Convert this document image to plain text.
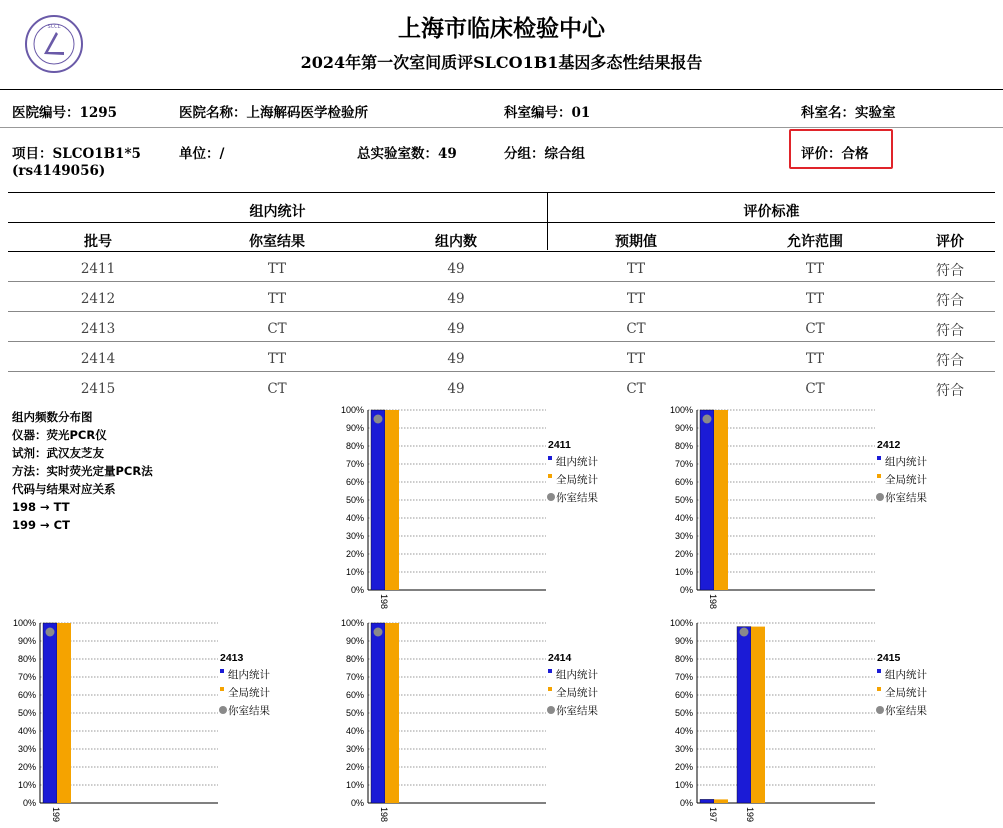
SCCL	上海市临床检验中心
2024年第一次室间质评SLCO1B1基因多态性结果报告
医院编号：1295	医院名称：上海解码医学检验所	科室编号：01	科室名：实验室
项目：SLCO1B1*5
(rs4149056)
单位：/	总实验室数：49	分组：综合组	评价：合格
组内统计	评价标准
批号	你室结果	组内数	预期值	允许范围	评价
2411	TT	49	TT	TT	符合
2412	TT	49	TT	TT	符合
2413	CT	49	CT	CT	符合
2414	TT	49	TT	TT	符合
2415	CT	49	CT	CT	符合
组内频数分布图
仪器：荧光PCR仪
试剂：武汉友芝友
方法：实时荧光定量PCR法
代码与结果对应关系
198 → TT
199 → CT
0%
10%
20%
30%
40%
50%
60%
70%
80%
90%
100%
198
2411
组内统计
全局统计
你室结果
0%
10%
20%
30%
40%
50%
60%
70%
80%
90%
100%
198
2412
组内统计
全局统计
你室结果
0%
10%
20%
30%
40%
50%
60%
70%
80%
90%
100%
199
2413
组内统计
全局统计
你室结果
0%
10%
20%
30%
40%
50%
60%
70%
80%
90%
100%
198
2414
组内统计
全局统计
你室结果
0%
10%
20%
30%
40%
50%
60%
70%
80%
90%
100%
197	199
2415
组内统计
全局统计
你室结果
